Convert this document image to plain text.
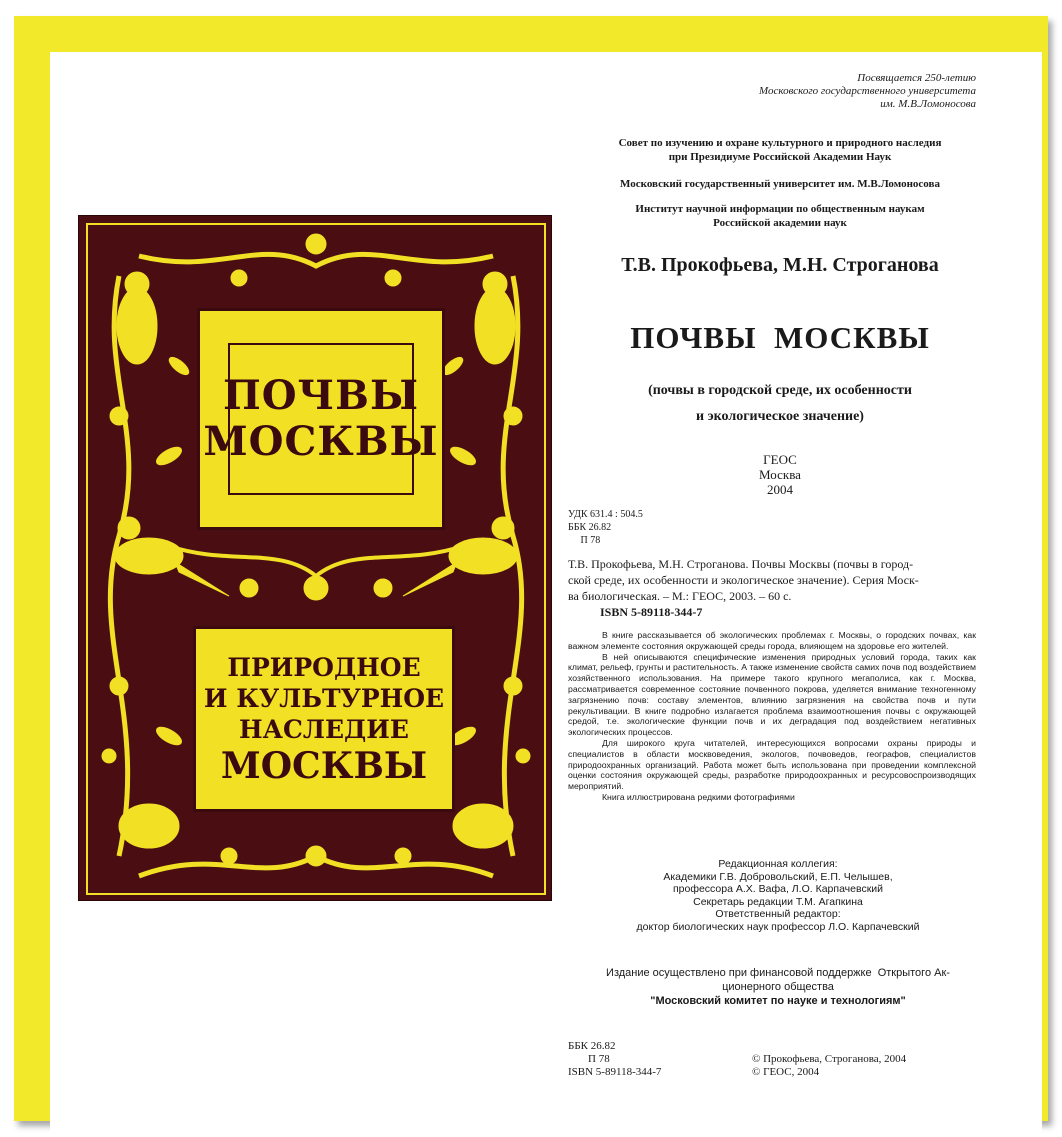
ПОЧВЫ
МОСКВЫ
ПРИРОДНОЕ
И КУЛЬТУРНОЕ
НАСЛЕДИЕ
МОСКВЫ
Посвящается 250-летию
Московского государственного университета
им. М.В.Ломоносова
Совет по изучению и охране культурного и природного наследия
при Президиуме Российской Академии Наук
Московский государственный университет им. М.В.Ломоносова
Институт научной информации по общественным наукам
Российской академии наук
Т.В. Прокофьева, М.Н. Строганова
ПОЧВЫ  МОСКВЫ
(почвы в городской среде, их особенности
и экологическое значение)
ГЕОС
Москва
2004
УДК 631.4 : 504.5
ББК 26.82
П 78
Т.В. Прокофьева, М.Н. Строганова. Почвы Москвы (почвы в город-
ской среде, их особенности и экологическое значение). Серия Моск-
ва биологическая. – М.: ГЕОС, 2003. – 60 с.
ISBN 5-89118-344-7

В книге рассказывается об экологических проблемах г. Москвы, о городских почвах, как важном элементе состояния окружающей среды города, влияющем на здоровье его жителей.

В ней описываются специфические изменения природных условий города, таких как климат, рельеф, грунты и растительность. А также изменение свойств самих почв под воздействием хозяйственного использования. На примере такого крупного мегаполиса, как г. Москва, рассматривается современное состояние почвенного покрова, уделяется внимание техногенному загрязнению почв: составу элементов, влиянию загрязнения на свойства почв и пути рекультивации. В книге подробно излагается проблема взаимоотношения почвы с окружающей средой, т.е. экологические функции почв и их деградация под воздействием негативных экологических процессов.

Для широкого круга читателей, интересующихся вопросами охраны природы и специалистов в области москвоведения, экологов, почвоведов, географов, специалистов природоохранных организаций. Работа может быть использована при проведении комплексной оценки состояния окружающей среды, разработке природоохранных и ресурсовоспроизводящих мероприятий.

Книга иллюстрирована редкими фотографиями

Редакционная коллегия:
Академики Г.В. Добровольский, Е.П. Челышев,
профессора А.Х. Вафа, Л.О. Карпачевский
Секретарь редакции Т.М. Агапкина
Ответственный редактор:
доктор биологических наук профессор Л.О. Карпачевский
Издание осуществлено при финансовой поддержке  Открытого Ак-
ционерного общества
"Московский комитет по науке и технологиям"
ББК 26.82
П 78
ISBN 5-89118-344-7
© Прокофьева, Строганова, 2004
© ГЕОС, 2004
